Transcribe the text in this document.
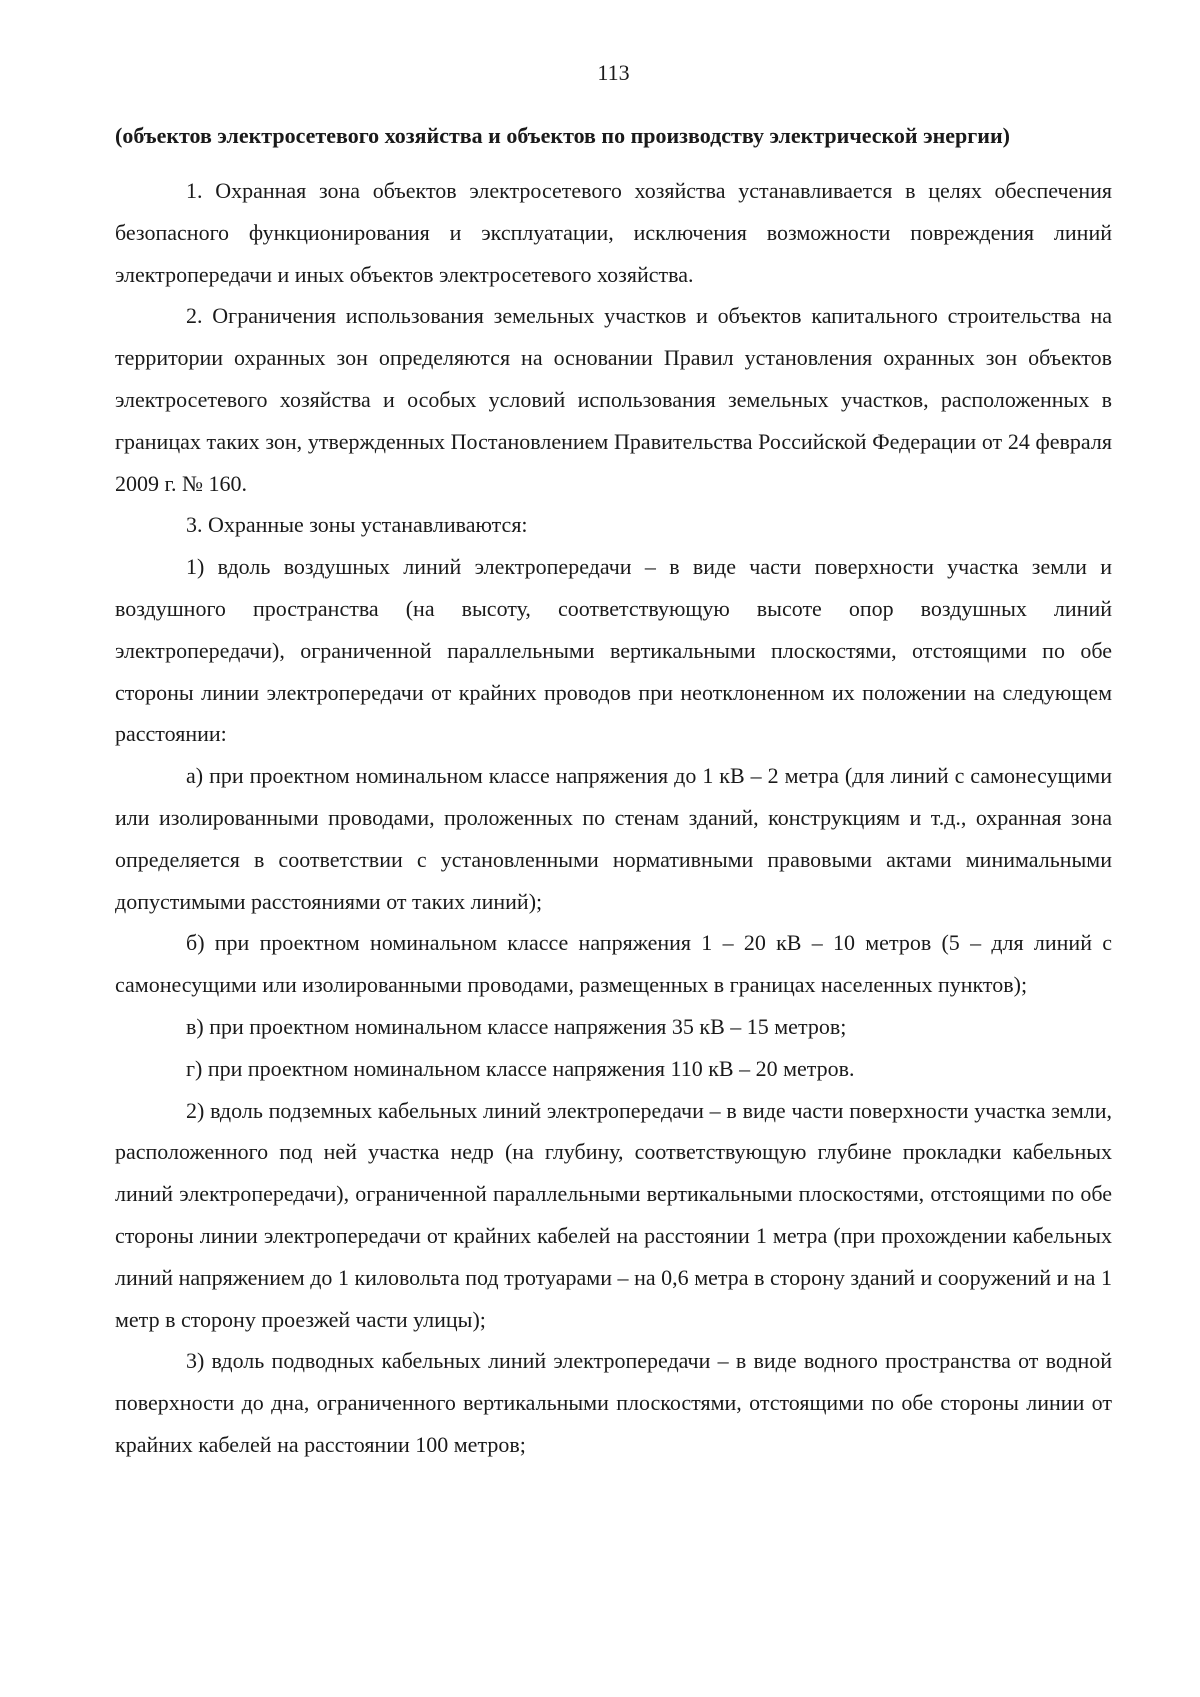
113
(объектов электросетевого хозяйства и объектов по производству электрической энергии)

1. Охранная зона объектов электросетевого хозяйства устанавливается в целях обеспечения безопасного функционирования и эксплуатации, исключения возможности повреждения линий электропередачи и иных объектов электросетевого хозяйства.

2. Ограничения использования земельных участков и объектов капитального строительства на территории охранных зон определяются на основании Правил установления охранных зон объектов электросетевого хозяйства и особых условий использования земельных участков, расположенных в границах таких зон, утвержденных Постановлением Правительства Российской Федерации от 24 февраля 2009 г. № 160.

3. Охранные зоны устанавливаются:

1) вдоль воздушных линий электропередачи – в виде части поверхности участка земли и воздушного пространства (на высоту, соответствующую высоте опор воздушных линий электропередачи), ограниченной параллельными вертикальными плоскостями, отстоящими по обе стороны линии электропередачи от крайних проводов при неотклоненном их положении на следующем расстоянии:

а) при проектном номинальном классе напряжения до 1 кВ – 2 метра (для линий с самонесущими или изолированными проводами, проложенных по стенам зданий, конструкциям и т.д., охранная зона определяется в соответствии с установленными нормативными правовыми актами минимальными допустимыми расстояниями от таких линий);

б) при проектном номинальном классе напряжения 1 – 20 кВ – 10 метров (5 – для линий с самонесущими или изолированными проводами, размещенных в границах населенных пунктов);

в) при проектном номинальном классе напряжения 35 кВ – 15 метров;

г) при проектном номинальном классе напряжения 110 кВ – 20 метров.

2) вдоль подземных кабельных линий электропередачи – в виде части поверхности участка земли, расположенного под ней участка недр (на глубину, соответствующую глубине прокладки кабельных линий электропередачи), ограниченной параллельными вертикальными плоскостями, отстоящими по обе стороны линии электропередачи от крайних кабелей на расстоянии 1 метра (при прохождении кабельных линий напряжением до 1 киловольта под тротуарами – на 0,6 метра в сторону зданий и сооружений и на 1 метр в сторону проезжей части улицы);

3) вдоль подводных кабельных линий электропередачи – в виде водного пространства от водной поверхности до дна, ограниченного вертикальными плоскостями, отстоящими по обе стороны линии от крайних кабелей на расстоянии 100 метров;
